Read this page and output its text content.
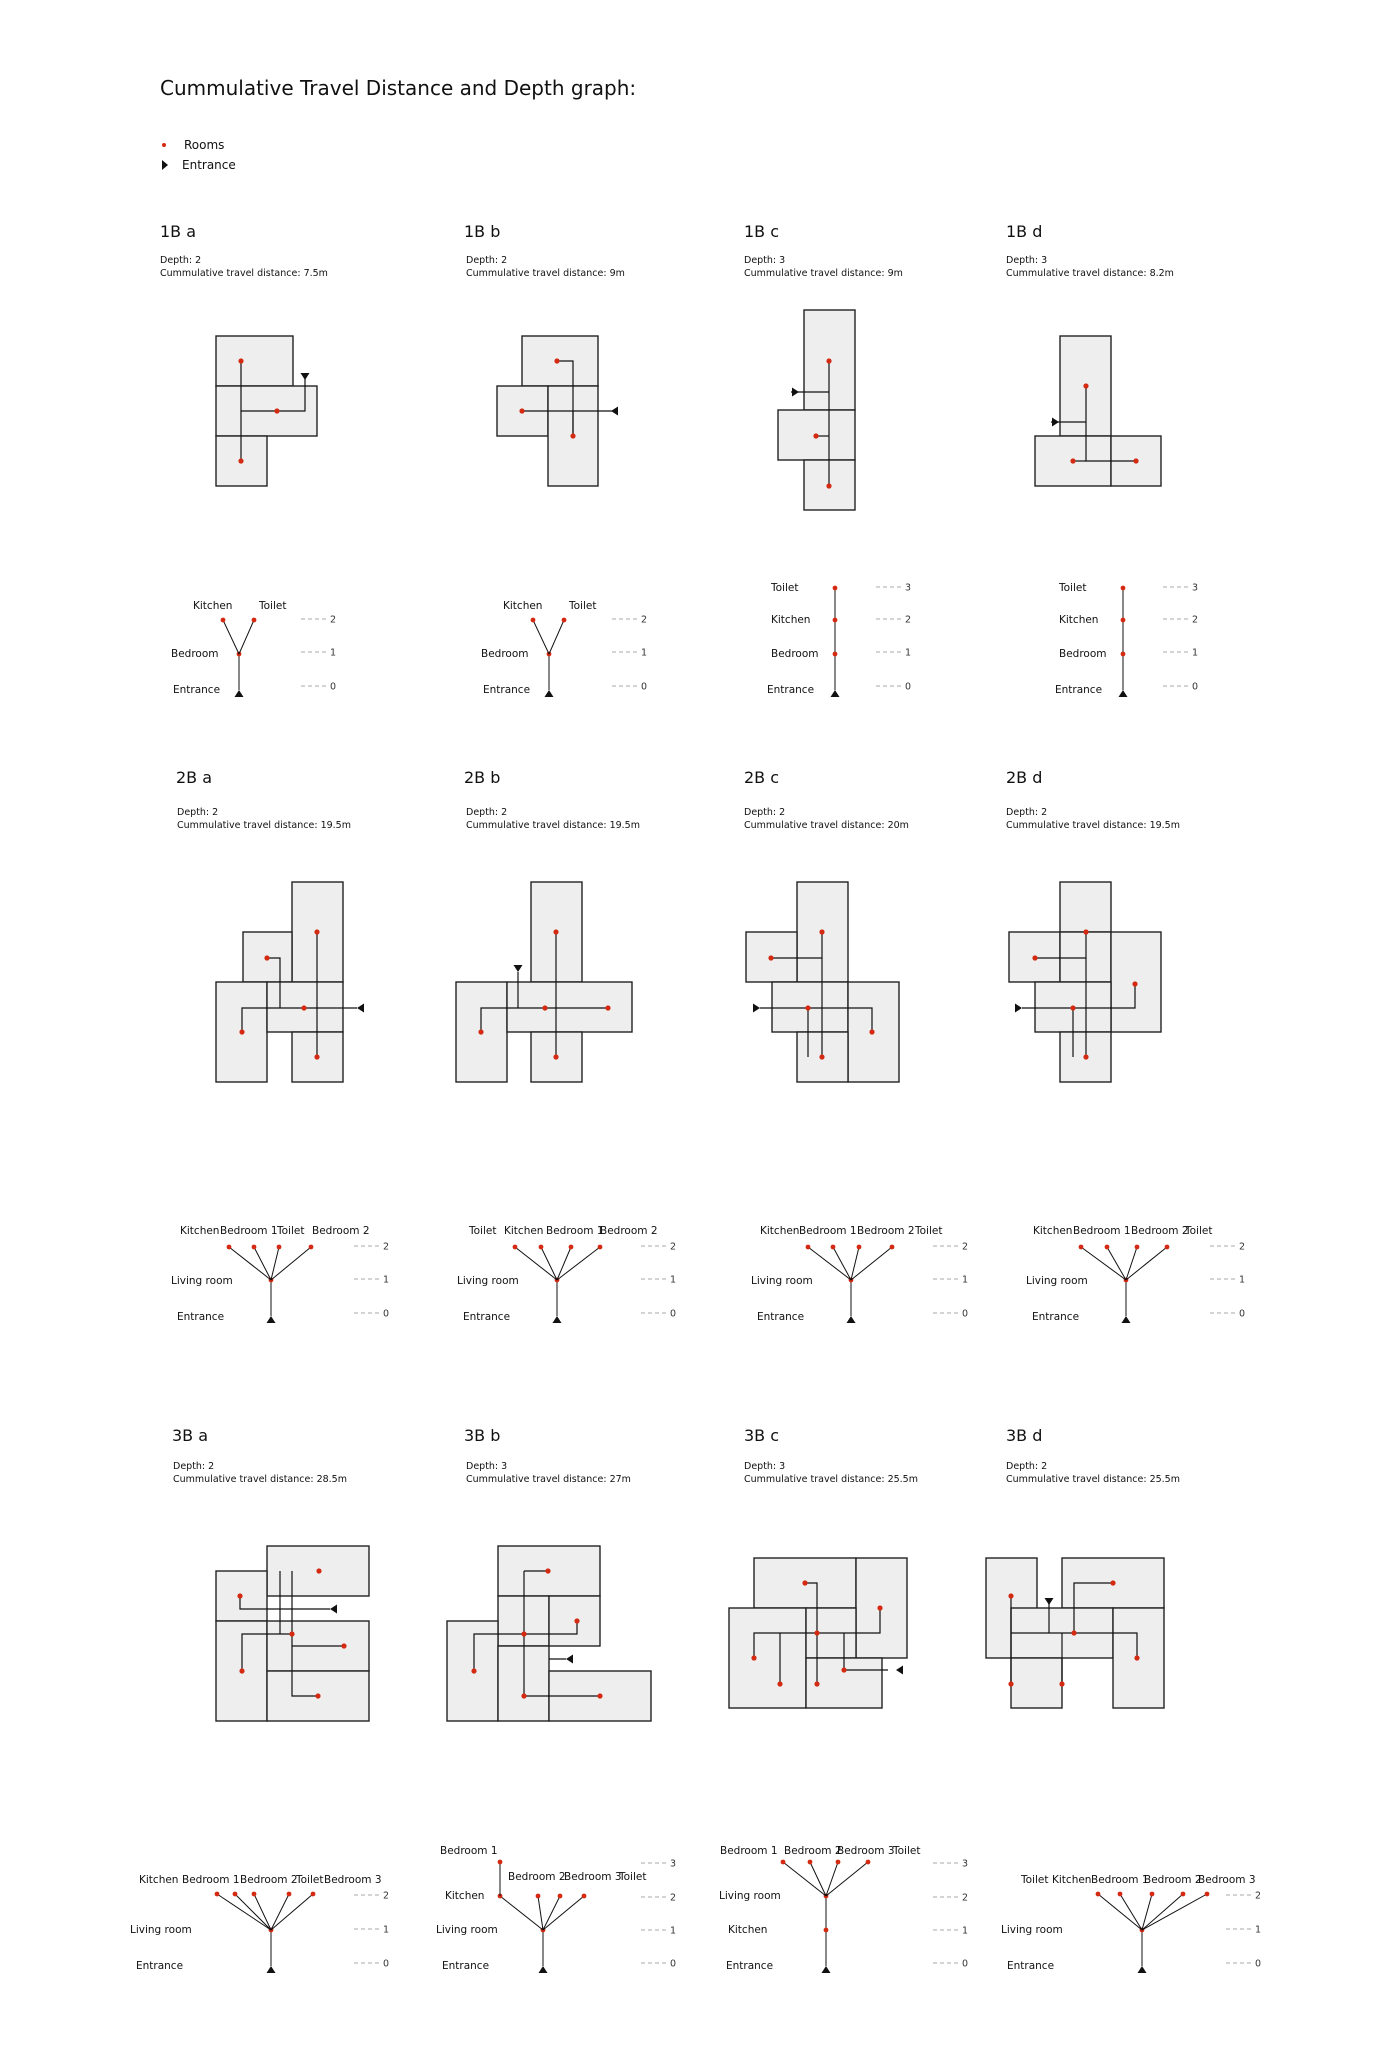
Kitchen	Toilet
Bedroom
Entrance	0
1
2
Kitchen	Toilet
Bedroom
Entrance	0
1
2
Bedroom
Kitchen
Toilet
Entrance	0
1
2
3
Bedroom
Kitchen
Toilet
Entrance	0
1
2
3
Kitchen Bedroom 1 Toilet Bedroom 2
Living room
Entrance	0
1
2
Toilet Kitchen Bedroom 1
Bedroom 2
Living room
Entrance	0
1
2
Kitchen Bedroom 1 Bedroom 2 Toilet
Living room
Entrance	0
1
2
Kitchen Bedroom 1 Bedroom 2
Toilet
Living room
Entrance	0
1
2
Kitchen Bedroom 1 Bedroom 2
Toilet Bedroom 3
Living room
Entrance	0
1
2
Bedroom 2
Bedroom 3
Toilet
Bedroom 1
Kitchen
Living room
Entrance	0
1
2
3
Bedroom 1 Bedroom 2
Bedroom 3
Toilet
Kitchen
Living room
Entrance	0
1
2
3
Toilet Kitchen Bedroom 1
Bedroom 2
Bedroom 3
Living room
Entrance	0
1
2
Cummulative Travel Distance and Depth graph:
Rooms
Entrance
1B a
Depth: 2
Cummulative travel distance: 7.5m
1B b
Depth: 2
Cummulative travel distance: 9m
1B c
Depth: 3
Cummulative travel distance: 9m
1B d
Depth: 3
Cummulative travel distance: 8.2m
2B a
Depth: 2
Cummulative travel distance: 19.5m
2B b
Depth: 2
Cummulative travel distance: 19.5m
2B c
Depth: 2
Cummulative travel distance: 20m
2B d
Depth: 2
Cummulative travel distance: 19.5m
3B a
Depth: 2
Cummulative travel distance: 28.5m
3B b
Depth: 3
Cummulative travel distance: 27m
3B c
Depth: 3
Cummulative travel distance: 25.5m
3B d
Depth: 2
Cummulative travel distance: 25.5m
